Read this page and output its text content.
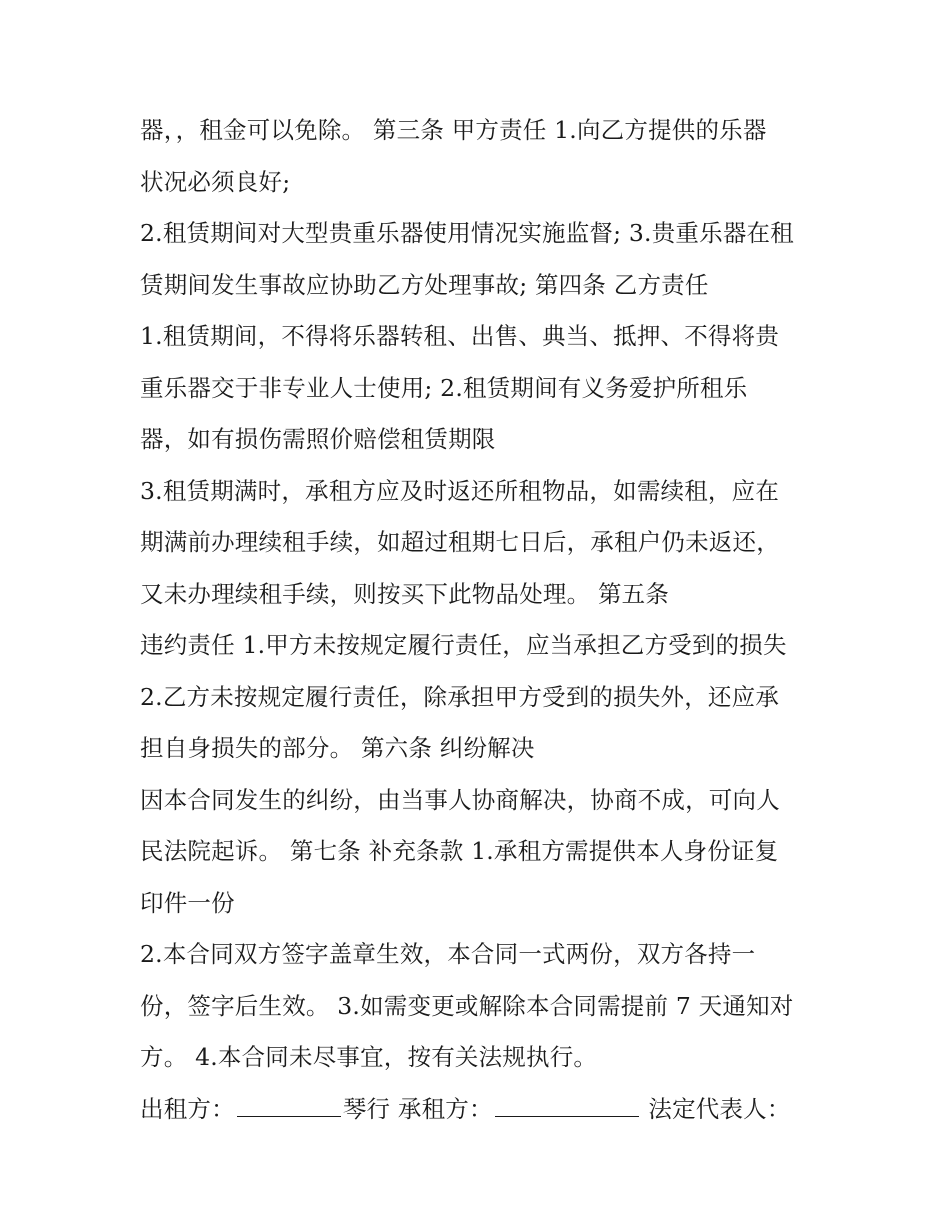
器，，租金可以免除。 第三条 甲方责任 1.向乙方提供的乐器
状况必须良好;
2.租赁期间对大型贵重乐器使用情况实施监督; 3.贵重乐器在租
赁期间发生事故应协助乙方处理事故; 第四条 乙方责任
1.租赁期间，不得将乐器转租、出售、典当、抵押、不得将贵
重乐器交于非专业人士使用; 2.租赁期间有义务爱护所租乐
器，如有损伤需照价赔偿租赁期限
3.租赁期满时，承租方应及时返还所租物品，如需续租，应在
期满前办理续租手续，如超过租期七日后，承租户仍未返还，
又未办理续租手续，则按买下此物品处理。 第五条
违约责任 1.甲方未按规定履行责任，应当承担乙方受到的损失
2.乙方未按规定履行责任，除承担甲方受到的损失外，还应承
担自身损失的部分。 第六条 纠纷解决
因本合同发生的纠纷，由当事人协商解决，协商不成，可向人
民法院起诉。 第七条 补充条款 1.承租方需提供本人身份证复
印件一份
2.本合同双方签字盖章生效，本合同一式两份，双方各持一
份，签字后生效。 3.如需变更或解除本合同需提前 7 天通知对
方。 4.本合同未尽事宜，按有关法规执行。
出租方：	琴行 承租方：	法定代表人：
